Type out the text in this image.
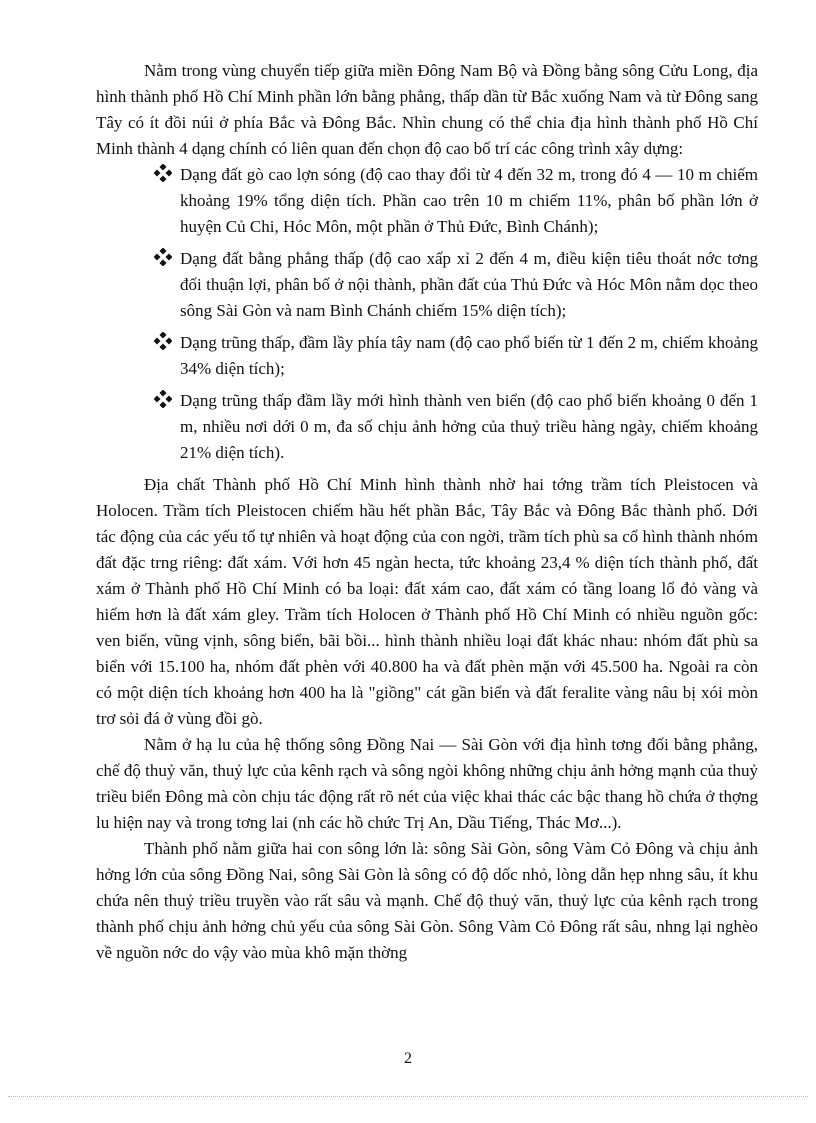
Nằm trong vùng chuyển tiếp giữa miền Đông Nam Bộ và Đồng bằng sông Cửu Long, địa hình thành phố Hồ Chí Minh phần lớn bằng phẳng, thấp dần từ Bắc xuống Nam và từ Đông sang Tây có ít đồi núi ở phía Bắc và Đông Bắc. Nhìn chung có thể chia địa hình thành phố Hồ Chí Minh thành 4 dạng chính có liên quan đến chọn độ cao bố trí các công trình xây dựng:

Dạng đất gò cao lợn sóng (độ cao thay đổi từ 4 đến 32 m, trong đó 4 — 10 m chiếm khoảng 19% tổng diện tích. Phần cao trên 10 m chiếm 11%, phân bố phần lớn ở huyện Củ Chi, Hóc Môn, một phần ở Thủ Đức, Bình Chánh);
Dạng đất bằng phẳng thấp (độ cao xấp xỉ 2 đến 4 m, điều kiện tiêu thoát nớc tơng đối thuận lợi, phân bố ở nội thành, phần đất của Thủ Đức và Hóc Môn nằm dọc theo sông Sài Gòn và nam Bình Chánh chiếm 15% diện tích);
Dạng trũng thấp, đầm lầy phía tây nam (độ cao phổ biến từ 1 đến 2 m, chiếm khoảng 34% diện tích);
Dạng trũng thấp đầm lầy mới hình thành ven biển (độ cao phổ biến khoảng 0 đến 1 m, nhiều nơi dới 0 m, đa số chịu ảnh hởng của thuỷ triều hàng ngày, chiếm khoảng 21% diện tích).

Địa chất Thành phố Hồ Chí Minh hình thành nhờ hai tớng trầm tích Pleistocen và Holocen. Trầm tích Pleistocen chiếm hầu hết phần Bắc, Tây Bắc và Đông Bắc thành phố. Dới tác động của các yếu tố tự nhiên và hoạt động của con ngời, trầm tích phù sa cổ hình thành nhóm đất đặc trng riêng: đất xám. Với hơn 45 ngàn hecta, tức khoảng 23,4 % diện tích thành phố, đất xám ở Thành phố Hồ Chí Minh có ba loại: đất xám cao, đất xám có tầng loang lổ đỏ vàng và hiếm hơn là đất xám gley. Trầm tích Holocen ở Thành phố Hồ Chí Minh có nhiều nguồn gốc: ven biển, vũng vịnh, sông biển, bãi bồi... hình thành nhiều loại đất khác nhau: nhóm đất phù sa biển với 15.100 ha, nhóm đất phèn với 40.800 ha và đất phèn mặn với 45.500 ha. Ngoài ra còn có một diện tích khoảng hơn 400 ha là "giồng" cát gần biển và đất feralite vàng nâu bị xói mòn trơ sỏi đá ở vùng đồi gò.

Nằm ở hạ lu của hệ thống sông Đồng Nai — Sài Gòn với địa hình tơng đối bằng phẳng, chế độ thuỷ văn, thuỷ lực của kênh rạch và sông ngòi không những chịu ảnh hởng mạnh của thuỷ triều biển Đông mà còn chịu tác động rất rõ nét của việc khai thác các bậc thang hồ chứa ở thợng lu hiện nay và trong tơng lai (nh các hồ chức Trị An, Dầu Tiếng, Thác Mơ...).

Thành phố nằm giữa hai con sông lớn là: sông Sài Gòn, sông Vàm Cỏ Đông và chịu ảnh hởng lớn của sông Đồng Nai, sông Sài Gòn là sông có độ dốc nhỏ, lòng dẫn hẹp nhng sâu, ít khu chứa nên thuỷ triều truyền vào rất sâu và mạnh. Chế độ thuỷ văn, thuỷ lực của kênh rạch trong thành phố chịu ảnh hởng chủ yếu của sông Sài Gòn. Sông Vàm Cỏ Đông rất sâu, nhng lại nghèo về nguồn nớc do vậy vào mùa khô mặn thờng

2
